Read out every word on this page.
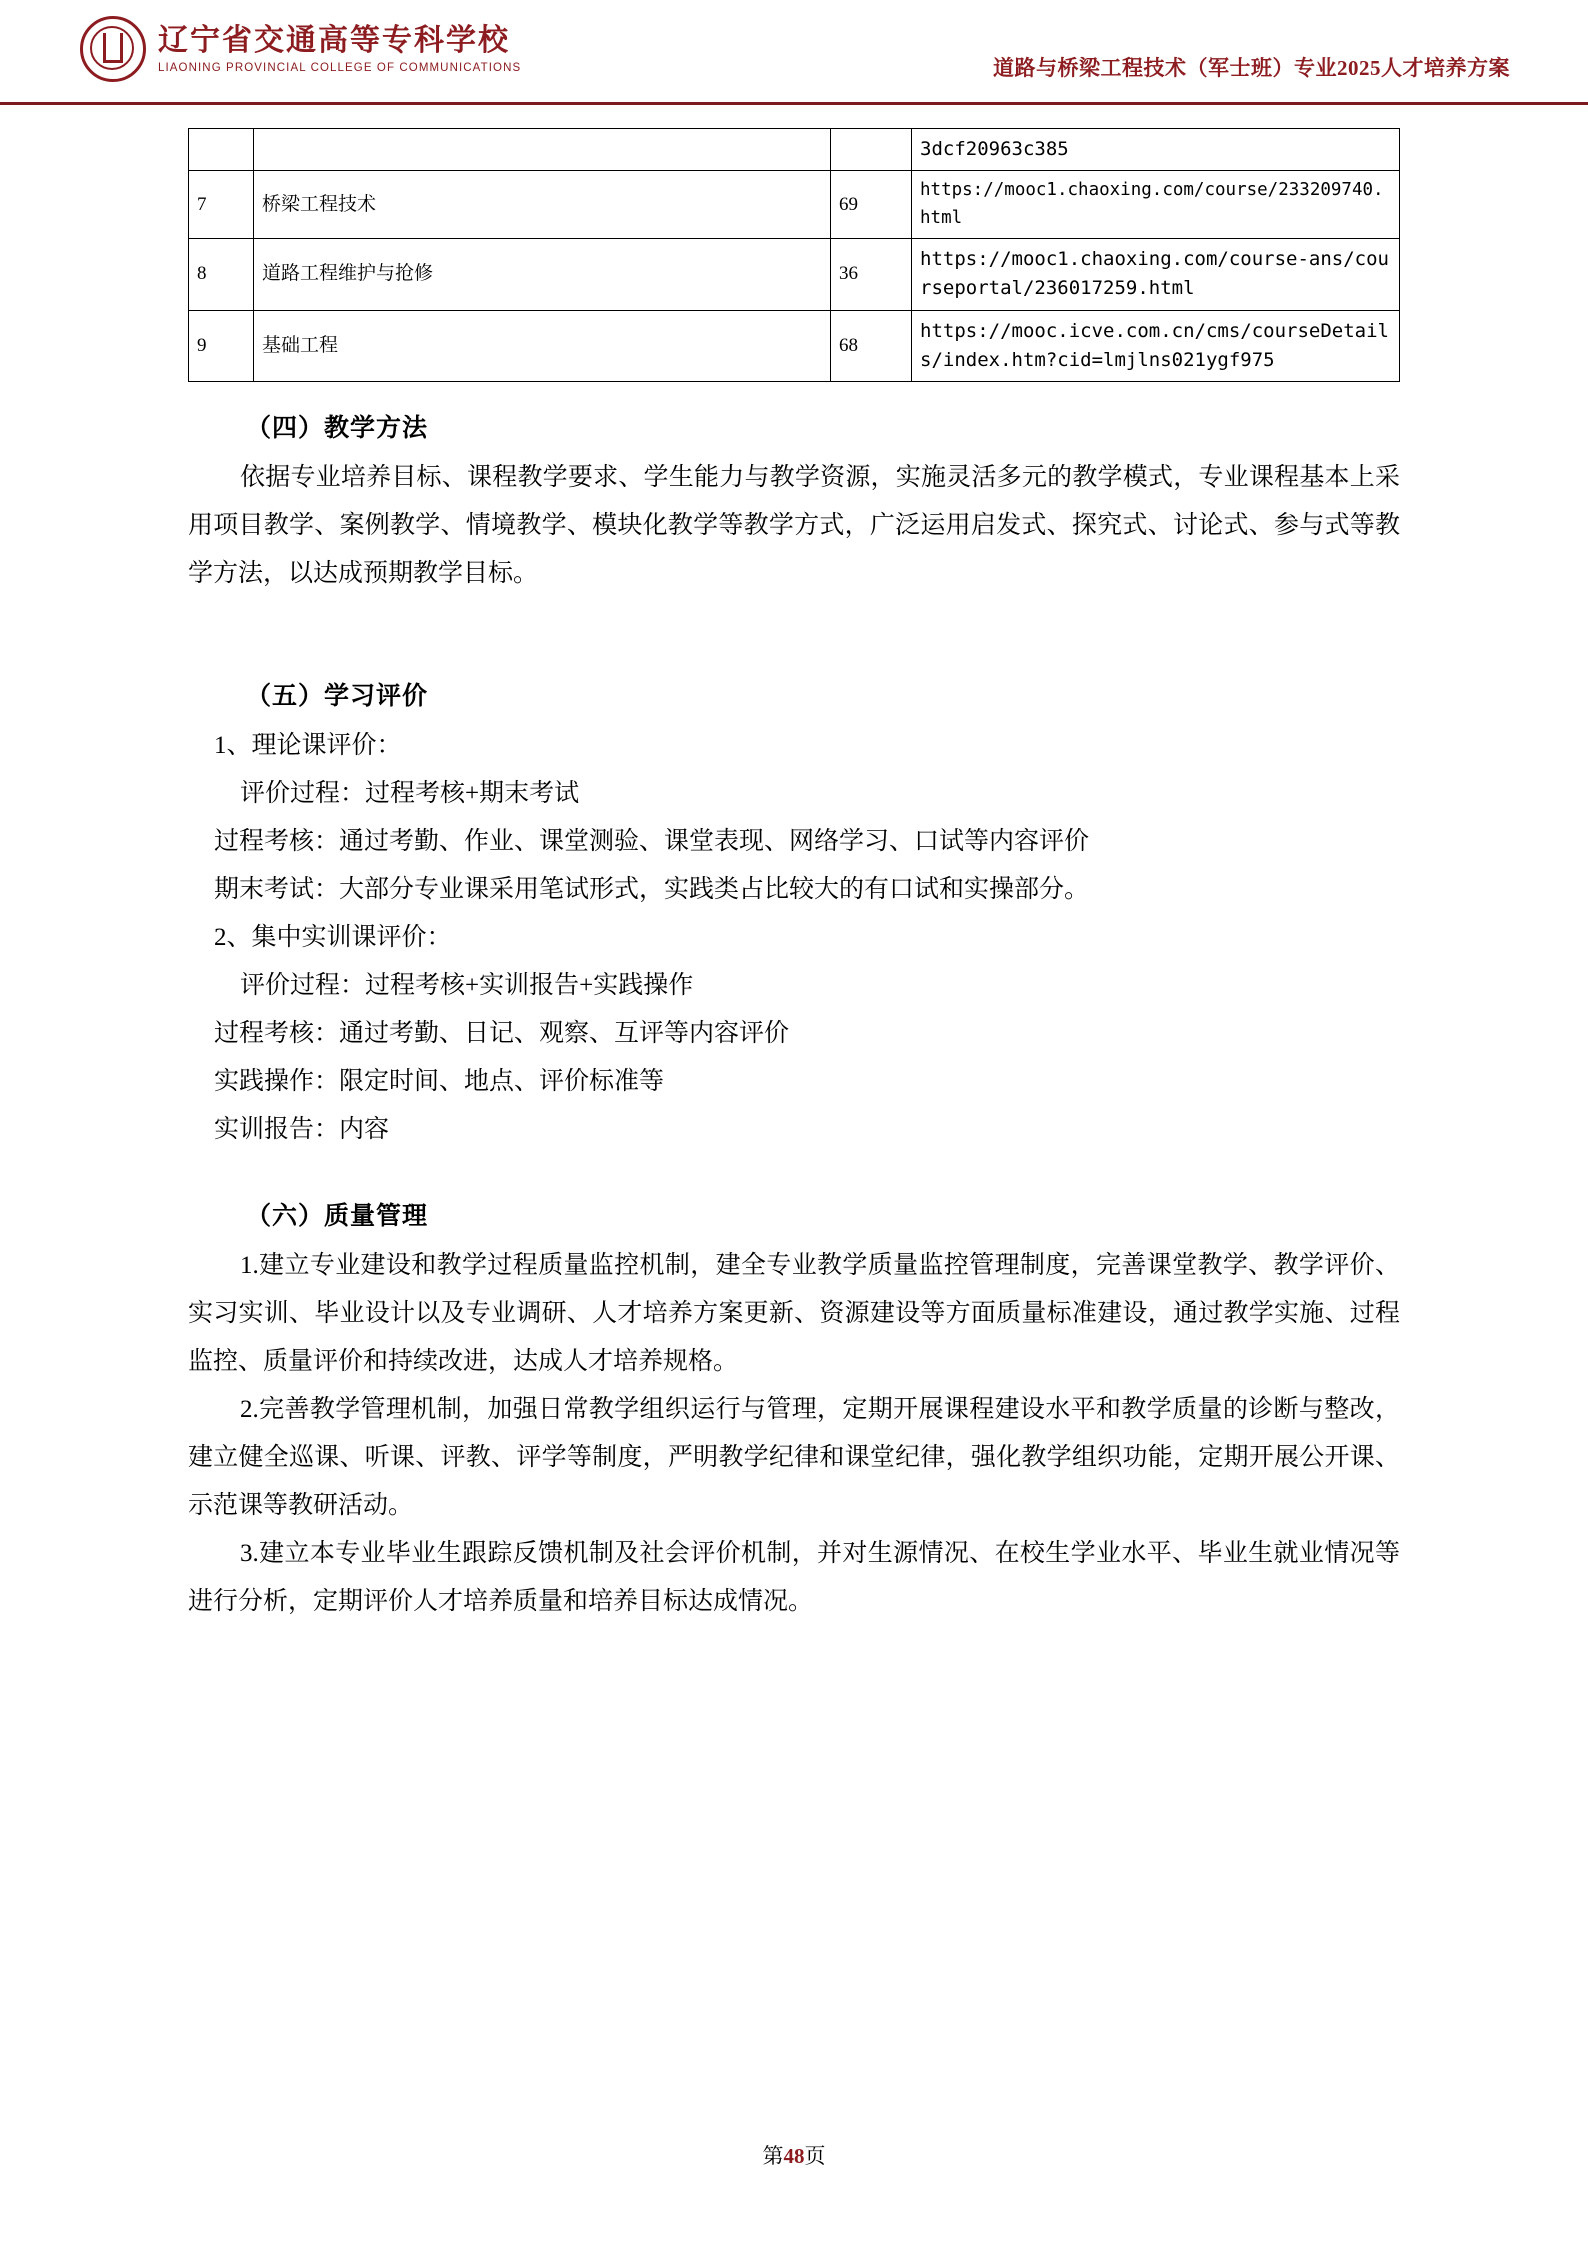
辽宁省交通高等专科学校
LIAONING PROVINCIAL COLLEGE OF COMMUNICATIONS	道路与桥梁工程技术（军士班）专业2025人才培养方案
			3dcf20963c385
7	桥梁工程技术	69	https://mooc1.chaoxing.com/course/233209740.html
8	道路工程维护与抢修	36	https://mooc1.chaoxing.com/course-ans/courseportal/236017259.html
9	基础工程	68	https://mooc.icve.com.cn/cms/courseDetails/index.htm?cid=lmjlns021ygf975
（四）教学方法

依据专业培养目标、课程教学要求、学生能力与教学资源，实施灵活多元的教学模式，专业课程基本上采用项目教学、案例教学、情境教学、模块化教学等教学方式，广泛运用启发式、探究式、讨论式、参与式等教学方法，以达成预期教学目标。

（五）学习评价
1、理论课评价：
评价过程：过程考核+期末考试
过程考核：通过考勤、作业、课堂测验、课堂表现、网络学习、口试等内容评价
期末考试：大部分专业课采用笔试形式，实践类占比较大的有口试和实操部分。
2、集中实训课评价：
评价过程：过程考核+实训报告+实践操作
过程考核：通过考勤、日记、观察、互评等内容评价
实践操作：限定时间、地点、评价标准等
实训报告：内容
（六）质量管理

1.建立专业建设和教学过程质量监控机制，建全专业教学质量监控管理制度，完善课堂教学、教学评价、实习实训、毕业设计以及专业调研、人才培养方案更新、资源建设等方面质量标准建设，通过教学实施、过程监控、质量评价和持续改进，达成人才培养规格。

2.完善教学管理机制，加强日常教学组织运行与管理，定期开展课程建设水平和教学质量的诊断与整改，建立健全巡课、听课、评教、评学等制度，严明教学纪律和课堂纪律，强化教学组织功能，定期开展公开课、示范课等教研活动。

3.建立本专业毕业生跟踪反馈机制及社会评价机制，并对生源情况、在校生学业水平、毕业生就业情况等进行分析，定期评价人才培养质量和培养目标达成情况。

第48页
